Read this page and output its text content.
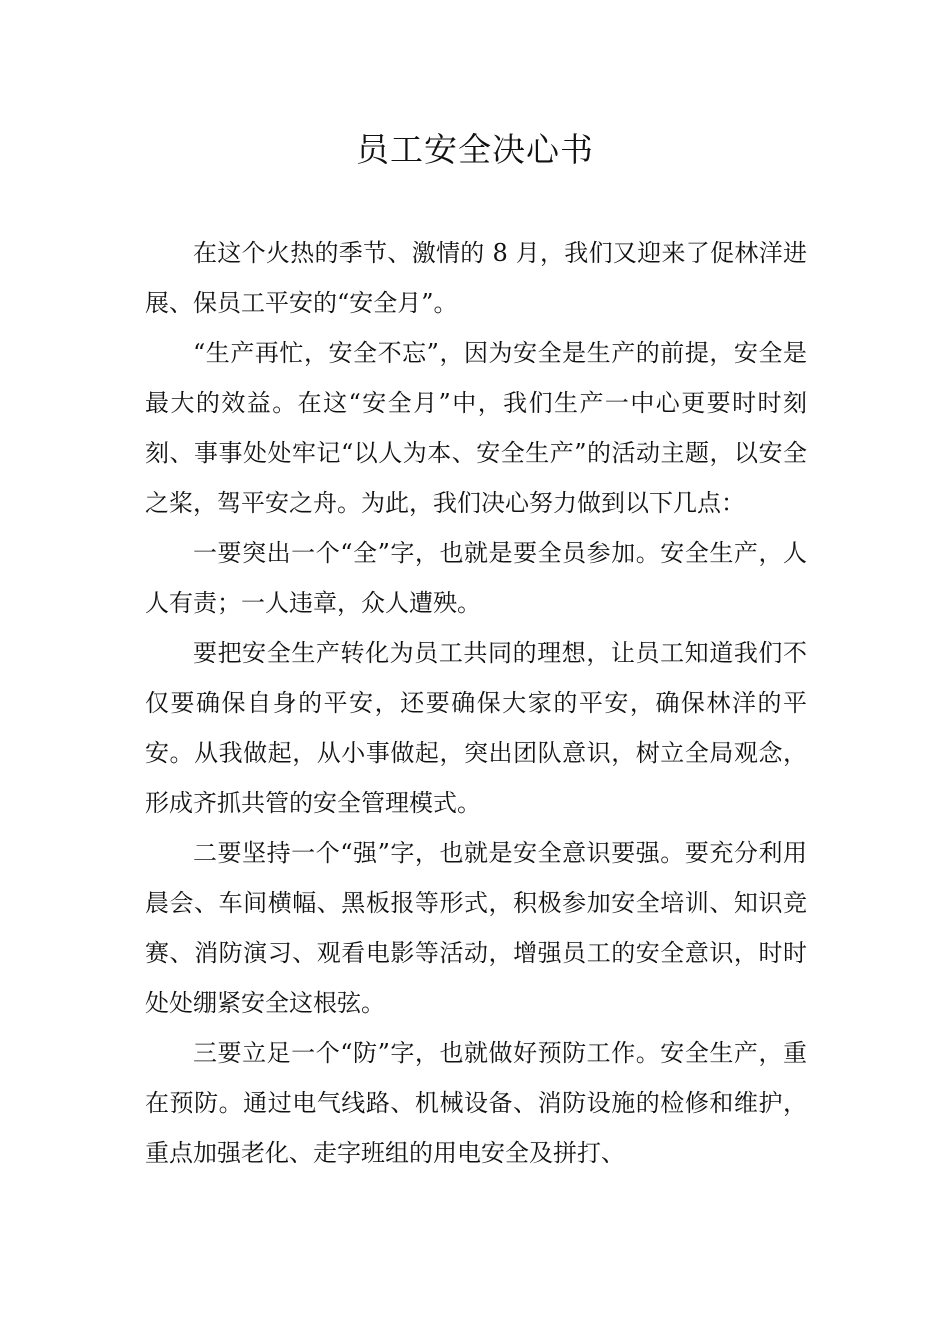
员工安全决心书

在这个火热的季节、激情的 8 月，我们又迎来了促林洋进展、保员工平安的“安全月”。

“生产再忙，安全不忘”，因为安全是生产的前提，安全是最大的效益。在这“安全月”中，我们生产一中心更要时时刻刻、事事处处牢记“以人为本、安全生产”的活动主题，以安全之桨，驾平安之舟。为此，我们决心努力做到以下几点：

一要突出一个“全”字，也就是要全员参加。安全生产，人人有责；一人违章，众人遭殃。

要把安全生产转化为员工共同的理想，让员工知道我们不仅要确保自身的平安，还要确保大家的平安，确保林洋的平安。从我做起，从小事做起，突出团队意识，树立全局观念，形成齐抓共管的安全管理模式。

二要坚持一个“强”字，也就是安全意识要强。要充分利用晨会、车间横幅、黑板报等形式，积极参加安全培训、知识竞赛、消防演习、观看电影等活动，增强员工的安全意识，时时处处绷紧安全这根弦。

三要立足一个“防”字，也就做好预防工作。安全生产，重在预防。通过电气线路、机械设备、消防设施的检修和维护，重点加强老化、走字班组的用电安全及拼打、
